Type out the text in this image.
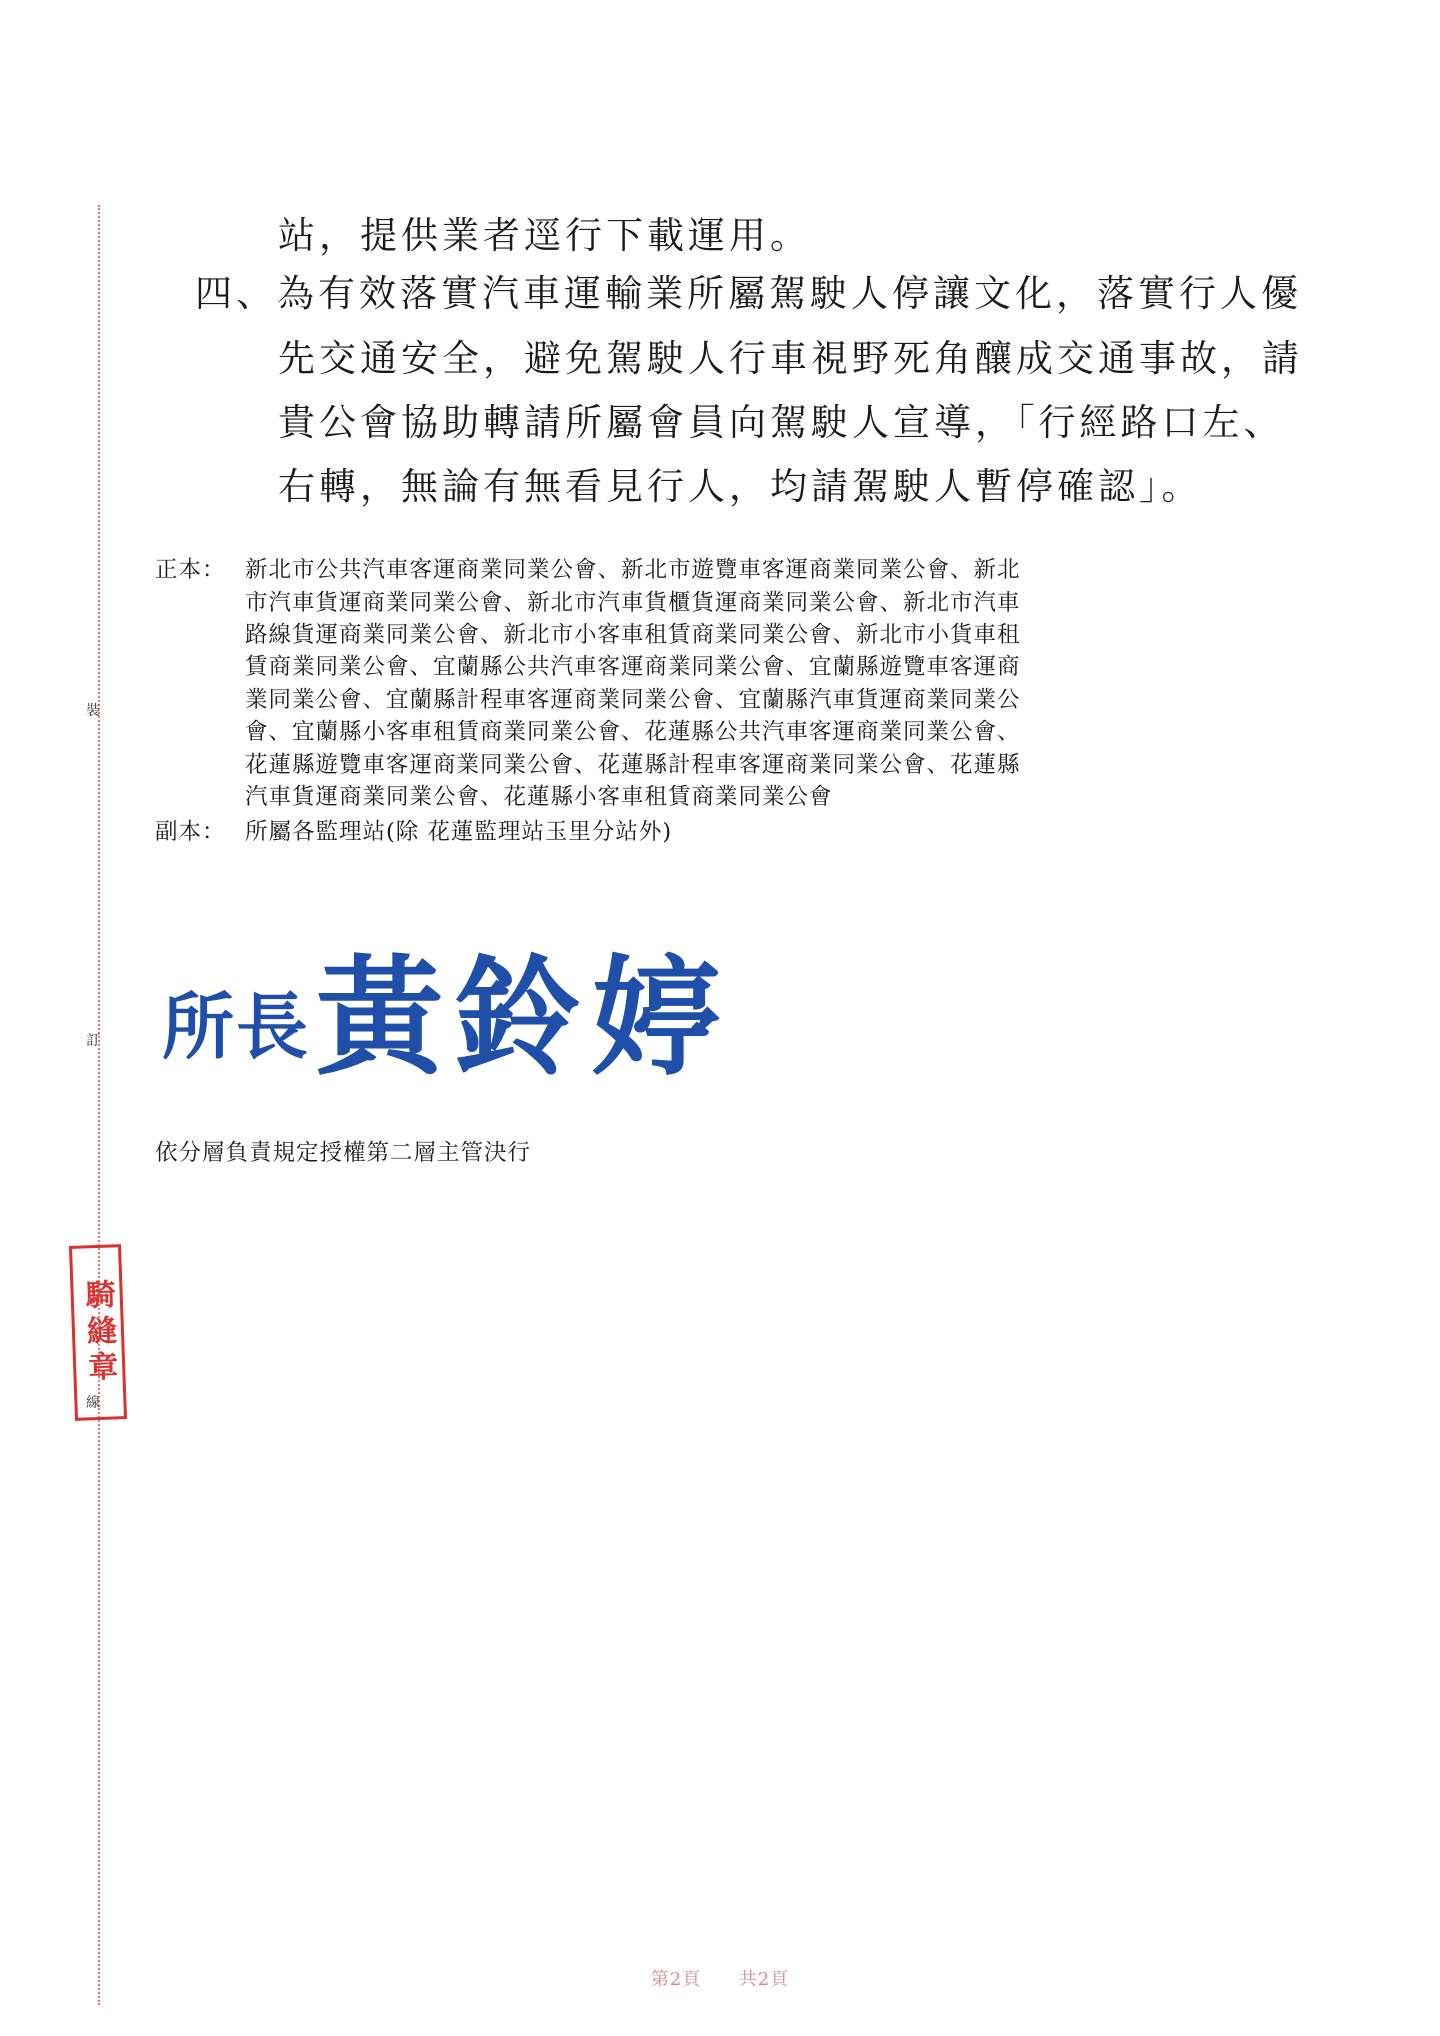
裝
訂
線
站，提供業者逕行下載運用。
四、為有效落實汽車運輸業所屬駕駛人停讓文化，落實行人優
先交通安全，避免駕駛人行車視野死角釀成交通事故，請
貴公會協助轉請所屬會員向駕駛人宣導，「行經路口左、
右轉，無論有無看見行人，均請駕駛人暫停確認」。
正本： 新北市公共汽車客運商業同業公會、新北市遊覽車客運商業同業公會、新北
市汽車貨運商業同業公會、新北市汽車貨櫃貨運商業同業公會、新北市汽車
路線貨運商業同業公會、新北市小客車租賃商業同業公會、新北市小貨車租
賃商業同業公會、宜蘭縣公共汽車客運商業同業公會、宜蘭縣遊覽車客運商
業同業公會、宜蘭縣計程車客運商業同業公會、宜蘭縣汽車貨運商業同業公
會、宜蘭縣小客車租賃商業同業公會、花蓮縣公共汽車客運商業同業公會、
花蓮縣遊覽車客運商業同業公會、花蓮縣計程車客運商業同業公會、花蓮縣
汽車貨運商業同業公會、花蓮縣小客車租賃商業同業公會
副本： 所屬各監理站(除 花蓮監理站玉里分站外)
所長 黃鈴婷
依分層負責規定授權第二層主管決行
騎縫章
第2頁 共2頁
